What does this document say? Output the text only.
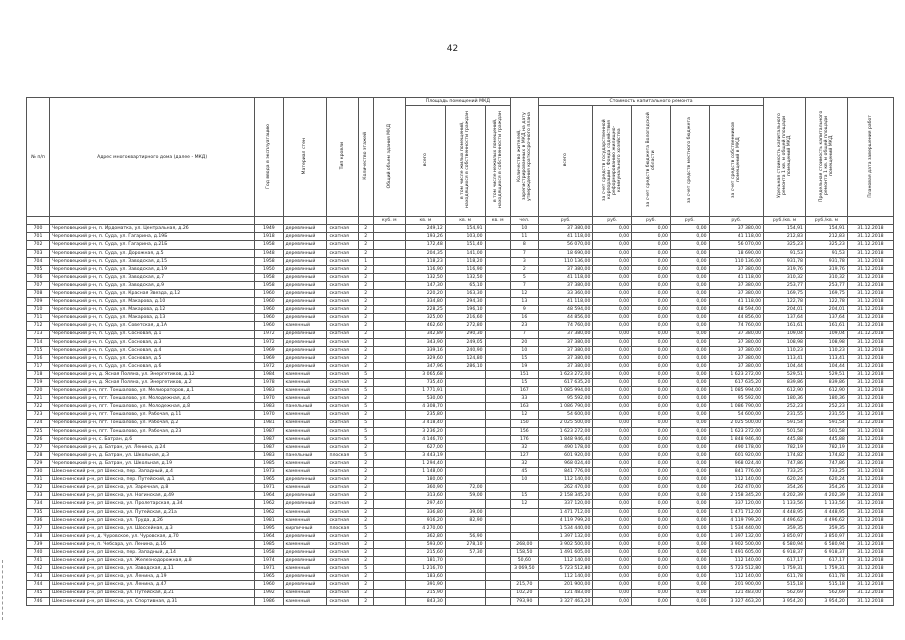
42
№ п/п	Адрес многоквартирного дома (далее - МКД)	Год ввода в эксплуатацию	Материал стен	Тип кровли	Количество этажей	Общий объем здания МКД	Площадь помещений МКД			Количество жителей, зарегистрированных в МКД на дату утверждения краткосрочного плана	Стоимость капитального ремонта					Удельная стоимость капитального ремонта 1 кв. м общей площади помещений МКД	Предельная стоимость капитального ремонта 1 кв. м общей площади помещений МКД	Плановая дата завершения работ
							всего	в том числе жилых помещений, находящихся в собственности граждан	в том числе нежилых помещений, находящихся в собственности граждан		всего	за счет средств государственной корпорации - Фонда содействия реформированию жилищно-коммунального хозяйства	за счет средств бюджета Вологодской области	за счет средств местного бюджета	за счет средств собственников помещений в МКД			
						куб. м	кв. м	кв. м	кв. м	чел.	руб.	руб.	руб.	руб.	руб.	руб./кв. м	руб./кв. м	
700	Череповецкий р-н, п. Ирдоматка, ул. Центральная, д.26	1949	деревянный	скатная	2		249,12	154,91		10	37 380,00	0,00	0,00	0,00	37 380,00	154,91	154,91	31.12.2018
701	Череповецкий р-н, п. Суда, ул. Гагарина, д.19Б	1918	деревянный	скатная	2		193,26	103,00		11	41 118,00	0,00	0,00	0,00	41 118,00	212,83	212,83	31.12.2018
702	Череповецкий р-н, п. Суда, ул. Гагарина, д.21Б	1958	деревянный	скатная	2		172,48	151,40		8	56 070,00	0,00	0,00	0,00	56 070,00	325,23	325,23	31.12.2018
703	Череповецкий р-н, п. Суда, ул. Дорожная, д.5	1948	деревянный	скатная	2		204,35	141,00		7	18 690,00	0,00	0,00	0,00	18 690,00	91,53	91,53	31.12.2018
704	Череповецкий р-н, п. Суда, ул. Заводская, д.15	1958	деревянный	скатная	1		118,23	118,20		3	110 136,00	0,00	0,00	0,00	110 136,00	931,78	931,78	31.12.2018
705	Череповецкий р-н, п. Суда, ул. Заводская, д.19	1950	деревянный	скатная	2		116,90	116,90		2	37 380,00	0,00	0,00	0,00	37 380,00	319,76	319,76	31.12.2018
706	Череповецкий р-н, п. Суда, ул. Заводская, д.7	1958	деревянный	скатная	2		132,50	132,50		5	41 118,00	0,00	0,00	0,00	41 118,00	310,32	310,32	31.12.2018
707	Череповецкий р-н, п. Суда, ул. Заводская, д.9	1958	деревянный	скатная	2		147,30	65,10		7	37 380,00	0,00	0,00	0,00	37 380,00	253,77	253,77	31.12.2018
708	Череповецкий р-н, п. Суда, ул. Красная Звезда, д.12	1960	деревянный	скатная	2		220,20	163,30		12	33 360,00	0,00	0,00	0,00	37 380,00	169,75	169,75	31.12.2018
709	Череповецкий р-н, п. Суда, ул. Макарова, д.10	1960	деревянный	скатная	2		334,80	294,30		13	41 118,00	0,00	0,00	0,00	41 118,00	122,78	122,78	31.12.2018
710	Череповецкий р-н, п. Суда, ул. Макарова, д.12	1960	деревянный	скатная	2		228,25	196,10		9	48 594,00	0,00	0,00	0,00	48 594,00	204,01	204,01	31.12.2018
711	Череповецкий р-н, п. Суда, ул. Макарова, д.13	1960	деревянный	скатная	2		325,00	216,60		16	44 856,00	0,00	0,00	0,00	44 856,00	137,64	137,64	31.12.2018
712	Череповецкий р-н, п. Суда, ул. Советская, д.1А	1960	каменный	скатная	2		462,60	272,80		23	74 760,00	0,00	0,00	0,00	74 760,00	161,61	161,61	31.12.2018
713	Череповецкий р-н, п. Суда, ул. Сосновая, д.1	1972	деревянный	скатная	2		342,89	290,30		7	37 380,00	0,00	0,00	0,00	37 380,00	109,04	109,04	31.12.2018
714	Череповецкий р-н, п. Суда, ул. Сосновая, д.3	1972	деревянный	скатная	2		343,90	249,05		20	37 380,00	0,00	0,00	0,00	37 380,00	108,98	108,98	31.12.2018
715	Череповецкий р-н, п. Суда, ул. Сосновая, д.4	1969	деревянный	скатная	2		339,16	240,90		10	37 380,00	0,00	0,00	0,00	37 380,00	110,23	110,23	31.12.2018
716	Череповецкий р-н, п. Суда, ул. Сосновая, д.5	1969	деревянный	скатная	2		329,60	124,80		15	37 380,00	0,00	0,00	0,00	37 380,00	113,41	113,41	31.12.2018
717	Череповецкий р-н, п. Суда, ул. Сосновая, д.6	1972	деревянный	скатная	2		347,96	286,10		19	37 380,00	0,00	0,00	0,00	37 380,00	104,44	104,44	31.12.2018
718	Череповецкий р-н, д. Ясная Поляна, ул. Энергетиков, д.12	1984	каменный	скатная	5		3 065,68			151	1 623 272,00	0,00	0,00	0,00	1 623 272,00	529,51	529,51	31.12.2018
719	Череповецкий р-н, д. Ясная Поляна, ул. Энергетиков, д.2	1978	каменный	скатная	2		735,40			15	617 635,20	0,00	0,00	0,00	617 635,20	839,86	839,86	31.12.2018
720	Череповецкий р-н, пгт. Тоншалово, ул. Мелиораторов, д.1	1983	каменный	скатная	5		1 771,91			167	1 085 994,00	0,00	0,00	0,00	1 085 994,00	612,90	612,90	31.12.2018
721	Череповецкий р-н, пгт. Тоншалово, ул. Молодежная, д.4	1970	каменный	скатная	2		530,00			33	95 592,00	0,00	0,00	0,00	95 592,00	180,36	180,36	31.12.2018
722	Череповецкий р-н, пгт. Тоншалово, ул. Молодежная, д.8	1983	панельный	скатная	5		4 308,70			163	1 086 790,00	0,00	0,00	0,00	1 086 790,00	252,23	252,23	31.12.2018
723	Череповецкий р-н, пгт. Тоншалово, ул. Рабочая, д.11	1970	каменный	скатная	2		235,80			12	54 600,00	0,00	0,00	0,00	54 600,00	231,55	231,55	31.12.2018
724	Череповецкий р-н, пгт. Тоншалово, ул. Рабочая, д.2	1981	каменный	скатная	5		3 418,40			150	2 025 500,00	0,00	0,00	0,00	2 025 500,00	591,54	591,54	31.12.2018
725	Череповецкий р-н, пгт. Тоншалово, ул. Рабочая, д.23	1987	каменный	скатная	5		3 236,20			156	1 623 272,00	0,00	0,00	0,00	1 623 272,00	501,58	501,58	31.12.2018
726	Череповецкий р-н, с. Батран, д.6	1987	каменный	скатная	5		4 146,70			176	1 848 946,40	0,00	0,00	0,00	1 848 946,40	445,88	445,88	31.12.2018
727	Череповецкий р-н, д. Батран, ул. Ленина, д.24	1987	каменный	скатная	2		627,00			32	490 178,00	0,00	0,00	0,00	490 178,00	782,19	782,19	31.12.2018
728	Череповецкий р-н, д. Батран, ул. Школьная, д.3	1983	панельный	плоская	5		3 443,19			127	601 920,00	0,00	0,00	0,00	601 920,00	174,82	174,82	31.12.2018
729	Череповецкий р-н, д. Батран, ул. Школьная, д.19	1985	каменный	скатная	2		1 294,40			32	968 024,40	0,00	0,00	0,00	968 024,40	747,86	747,86	31.12.2018
730	Шекснинский р-н, рп Шексна, пер. Западный, д.4	1973	каменный	скатная	2		1 148,00			45	841 776,00	0,00	0,00	0,00	841 776,00	733,25	733,25	31.12.2018
731	Шекснинский р-н, рп Шексна, пер. Путейский, д.1	1965	деревянный	скатная	2		180,00			10	112 140,00	0,00	0,00	0,00	112 140,00	620,24	620,24	31.12.2018
732	Шекснинский р-н, рп Шексна, ул. Заречная, д.8	1971	каменный	скатная	2		360,90	72,00			262 470,00	0,00	0,00	0,00	262 470,00	354,26	354,26	31.12.2018
733	Шекснинский р-н, рп Шексна, ул. Ногинская, д.49	1964	деревянный	скатная	2		313,60	59,00		15	2 158 345,20	0,00	0,00	0,00	2 158 345,20	4 202,39	4 202,39	31.12.2018
734	Шекснинский р-н, рп Шексна, ул. Пролетарская, д.34	1962	деревянный	скатная	2		297,40			12	337 120,00	0,00	0,00	0,00	337 120,00	1 133,56	1 133,56	31.12.2018
735	Шекснинский р-н, рп Шексна, ул. Путейская, д.21а	1962	каменный	скатная	2		336,80	39,00			1 471 712,00	0,00	0,00	0,00	1 471 712,00	4 448,95	4 448,95	31.12.2018
736	Шекснинский р-н, рп Шексна, ул. Труда, д.26	1981	каменный	скатная	2		916,20	82,90			4 119 799,20	0,00	0,00	0,00	4 119 799,20	4 496,62	4 496,62	31.12.2018
737	Шекснинский р-н, рп Шексна, ул. Шоссейная, д.3	1995	кирпичный	плоская	5		4 270,00				1 534 440,00	0,00	0,00	0,00	1 534 440,00	359,35	359,35	31.12.2018
738	Шекснинский р-н, д. Чуровское, ул. Чуровская, д.70	1964	деревянный	скатная	2		362,80	56,90			1 397 132,00	0,00	0,00	0,00	1 397 132,00	3 850,97	3 850,97	31.12.2018
739	Шекснинский р-н, п. Чебсара, ул. Ленина, д.16	1985	каменный	скатная	2		593,00	278,10		268,00	3 902 500,00	0,00	0,00	0,00	3 902 500,00	6 580,94	6 580,94	31.12.2018
740	Шекснинский р-н, рп Шексна, пер. Западный, д.14	1958	деревянный	скатная	2		215,60	57,30		158,50	1 491 605,00	0,00	0,00	0,00	1 491 605,00	6 918,37	6 918,37	31.12.2018
741	Шекснинский р-н, рп Шексна, ул. Железнодорожная, д.8	1974	деревянный	скатная	2		181,70			50,60	112 140,00	0,00	0,00	0,00	112 140,00	617,17	617,17	31.12.2018
742	Шекснинский р-н, рп Шексна, ул. Заводская, д.11	1971	каменный	скатная	5		1 216,70			3 069,50	5 723 512,80	0,00	0,00	0,00	5 723 512,80	1 759,31	1 759,31	31.12.2018
743	Шекснинский р-н, рп Шексна, ул. Ленина, д.19	1965	деревянный	скатная	2		183,60				112 140,00	0,00	0,00	0,00	112 140,00	611,78	611,78	31.12.2018
744	Шекснинский р-н, рп Шексна, ул. Ленина, д.47	1960	деревянный	скатная	2		391,90			215,70	201 900,00	0,00	0,00	0,00	201 900,00	515,18	515,18	31.12.2018
745	Шекснинский р-н, рп Шексна, ул. Путейская, д.21	1992	каменный	скатная	2		215,90			102,20	121 483,00	0,00	0,00	0,00	121 483,00	562,69	562,69	31.12.2018
746	Шекснинский р-н, рп Шексна, ул. Спортивная, д.31	1986	каменный	скатная	2		843,30			793,90	3 327 463,20	0,00	0,00	0,00	3 327 463,20	3 954,20	3 954,20	31.12.2018
